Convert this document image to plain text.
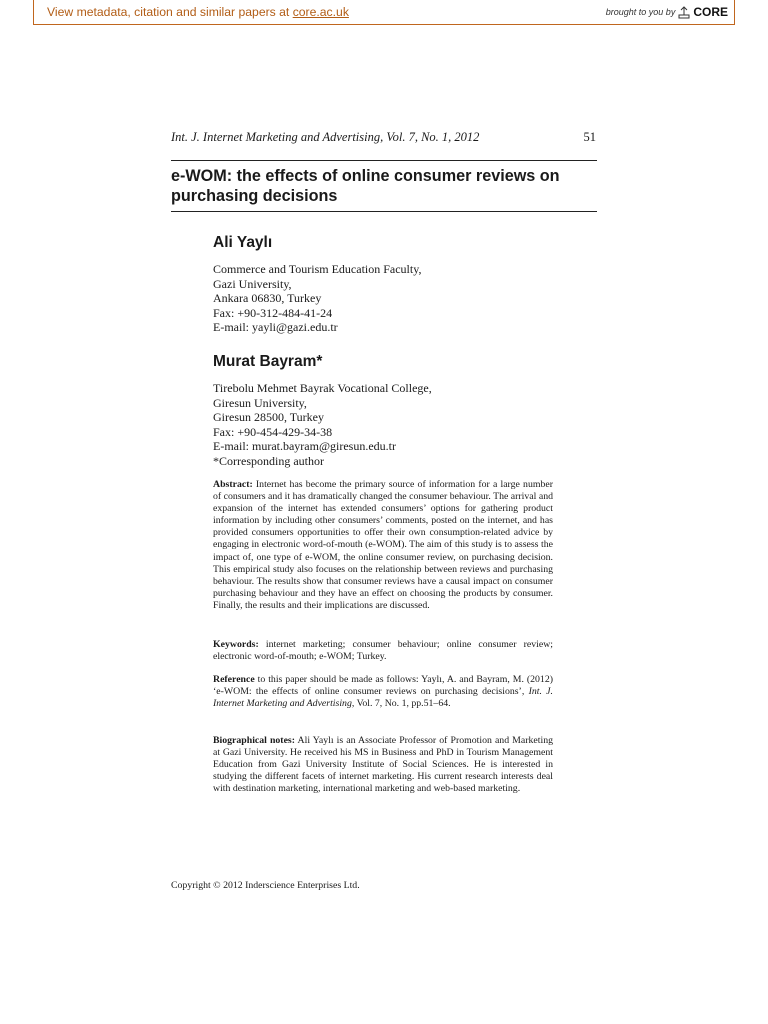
View metadata, citation and similar papers at core.ac.uk	brought to you by CORE
Int. J. Internet Marketing and Advertising, Vol. 7, No. 1, 2012	51
e-WOM: the effects of online consumer reviews on purchasing decisions
Ali Yaylı
Commerce and Tourism Education Faculty,
Gazi University,
Ankara 06830, Turkey
Fax: +90-312-484-41-24
E-mail: yayli@gazi.edu.tr
Murat Bayram*
Tirebolu Mehmet Bayrak Vocational College,
Giresun University,
Giresun 28500, Turkey
Fax: +90-454-429-34-38
E-mail: murat.bayram@giresun.edu.tr
*Corresponding author

Abstract: Internet has become the primary source of information for a large number of consumers and it has dramatically changed the consumer behaviour. The arrival and expansion of the internet has extended consumers’ options for gathering product information by including other consumers’ comments, posted on the internet, and has provided consumers opportunities to offer their own consumption-related advice by engaging in electronic word-of-mouth (e-WOM). The aim of this study is to assess the impact of, one type of e-WOM, the online consumer review, on purchasing decision. This empirical study also focuses on the relationship between reviews and purchasing behaviour. The results show that consumer reviews have a causal impact on consumer purchasing behaviour and they have an effect on choosing the products by consumer. Finally, the results and their implications are discussed.

Keywords: internet marketing; consumer behaviour; online consumer review; electronic word-of-mouth; e-WOM; Turkey.

Reference to this paper should be made as follows: Yaylı, A. and Bayram, M. (2012) ‘e-WOM: the effects of online consumer reviews on purchasing decisions’, Int. J. Internet Marketing and Advertising, Vol. 7, No. 1, pp.51–64.

Biographical notes: Ali Yaylı is an Associate Professor of Promotion and Marketing at Gazi University. He received his MS in Business and PhD in Tourism Management Education from Gazi University Institute of Social Sciences. He is interested in studying the different facets of internet marketing. His current research interests deal with destination marketing, international marketing and web-based marketing.

Copyright © 2012 Inderscience Enterprises Ltd.
